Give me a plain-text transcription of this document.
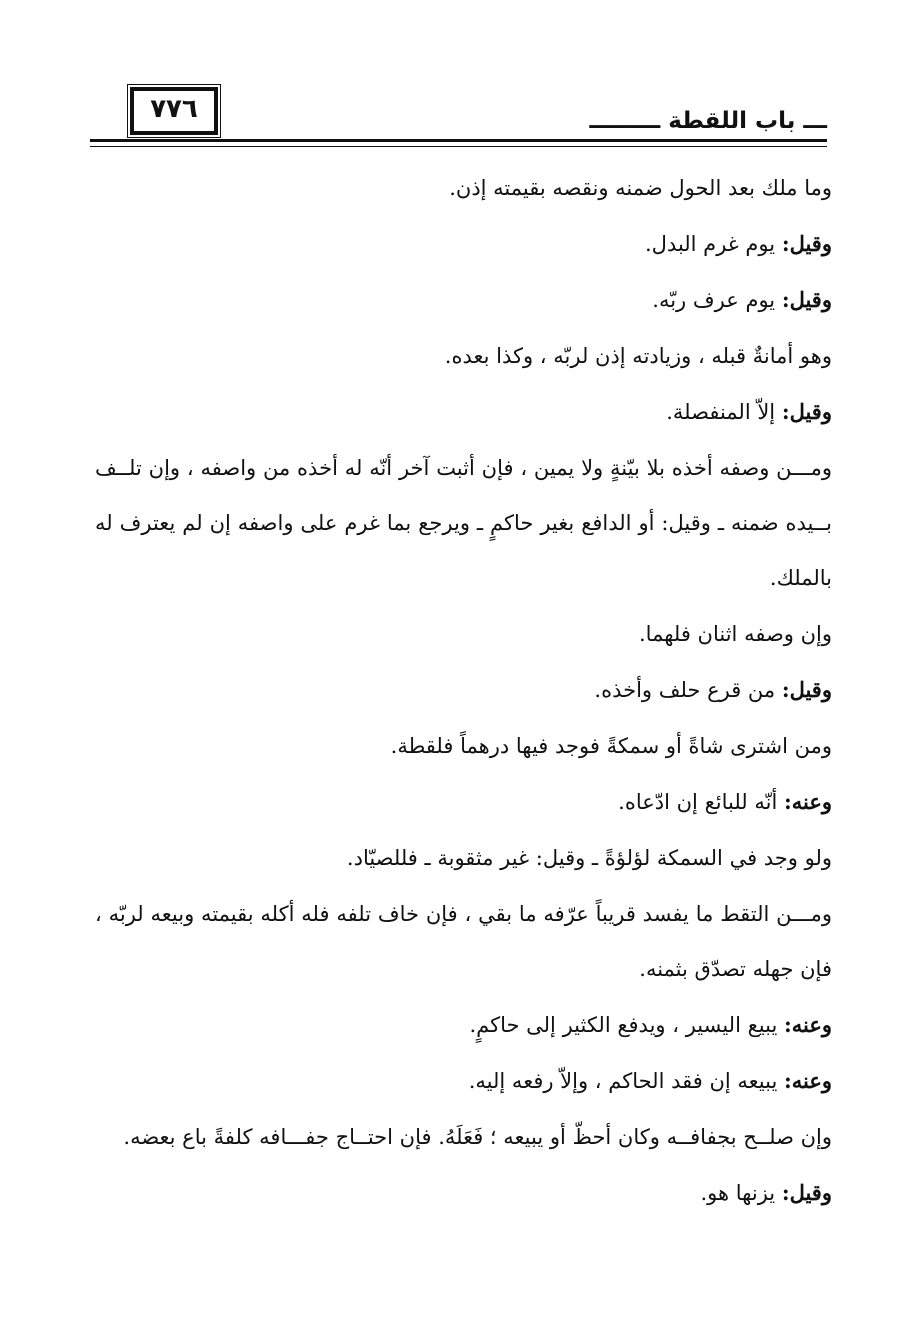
٧٧٦	ـــ باب اللقطة ـــــــــ

وما ملك بعد الحول ضمنه ونقصه بقيمته إذن.

وقيل: يوم غرم البدل.

وقيل: يوم عرف ربّه.

وهو أمانةٌ قبله ، وزيادته إذن لربّه ، وكذا بعده.

وقيل: إلاّ المنفصلة.

ومـــن وصفه أخذه بلا بيّنةٍ ولا يمين ، فإن أثبت آخر أنّه له أخذه من واصفه ، وإن تلــف بــيده ضمنه ـ وقيل: أو الدافع بغير حاكمٍ ـ ويرجع بما غرم على واصفه إن لم يعترف له بالملك.

وإن وصفه اثنان فلهما.

وقيل: من قرع حلف وأخذه.

ومن اشترى شاةً أو سمكةً فوجد فيها درهماً فلقطة.

وعنه: أنّه للبائع إن ادّعاه.

ولو وجد في السمكة لؤلؤةً ـ وقيل: غير مثقوبة ـ فللصيّاد.

ومـــن التقط ما يفسد قريباً عرّفه ما بقي ، فإن خاف تلفه فله أكله بقيمته وبيعه لربّه ، فإن جهله تصدّق بثمنه.

وعنه: يبيع اليسير ، ويدفع الكثير إلى حاكمٍ.

وعنه: يبيعه إن فقد الحاكم ، وإلاّ رفعه إليه.

وإن صلــح بجفافــه وكان أحظّ أو يبيعه ؛ فَعَلَهُ. فإن احتــاج جفـــافه كلفةً باع بعضه.

وقيل: يزنها هو.
